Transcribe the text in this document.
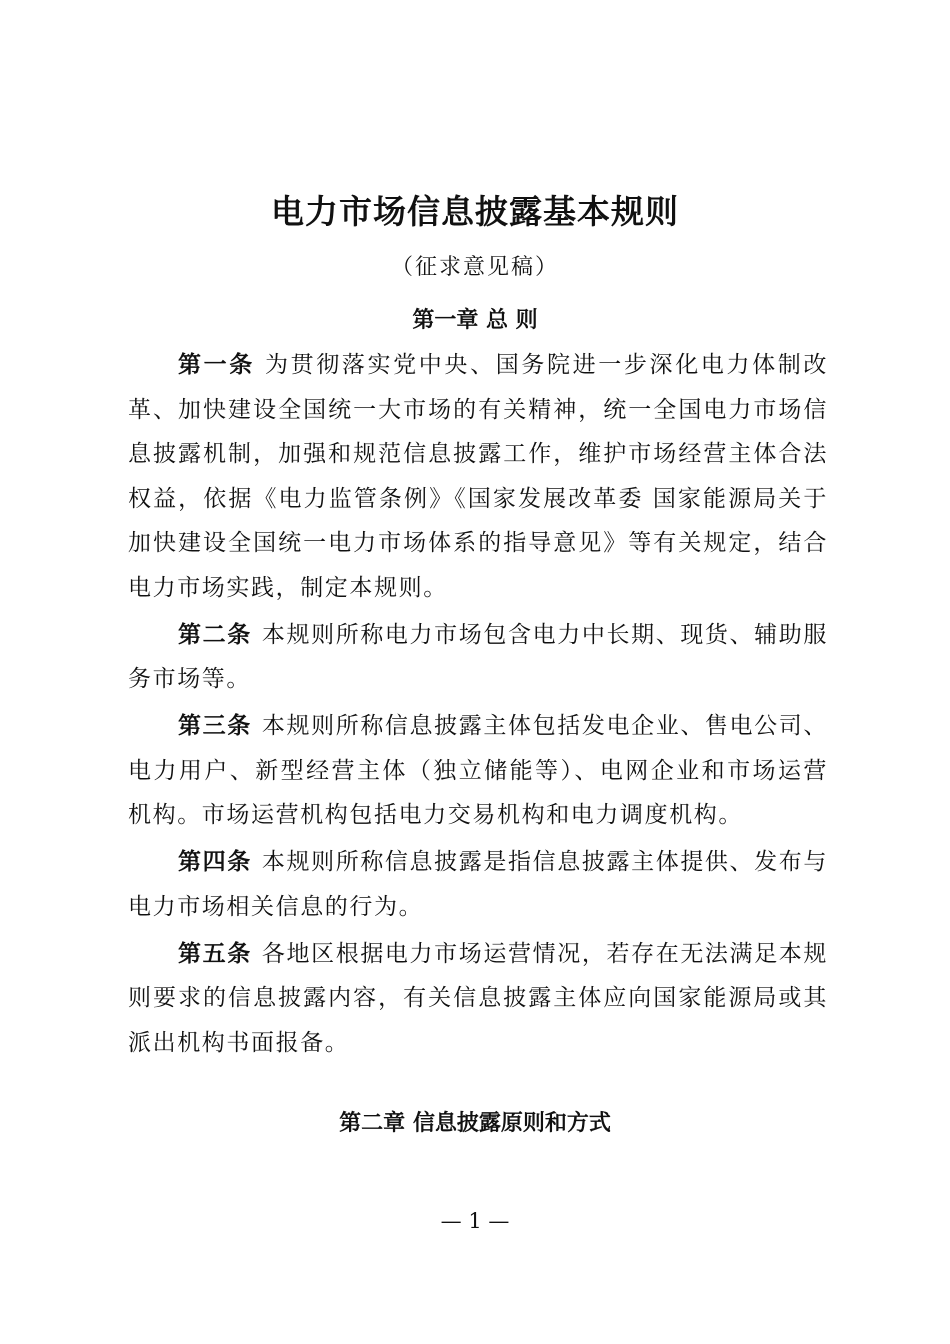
电力市场信息披露基本规则
（征求意见稿）
第一章 总 则

第一条 为贯彻落实党中央、国务院进一步深化电力体制改革、加快建设全国统一大市场的有关精神，统一全国电力市场信息披露机制，加强和规范信息披露工作，维护市场经营主体合法权益，依据《电力监管条例》《国家发展改革委 国家能源局关于加快建设全国统一电力市场体系的指导意见》等有关规定，结合电力市场实践，制定本规则。

第二条 本规则所称电力市场包含电力中长期、现货、辅助服务市场等。

第三条 本规则所称信息披露主体包括发电企业、售电公司、电力用户、新型经营主体（独立储能等）、电网企业和市场运营机构。市场运营机构包括电力交易机构和电力调度机构。

第四条 本规则所称信息披露是指信息披露主体提供、发布与电力市场相关信息的行为。

第五条 各地区根据电力市场运营情况，若存在无法满足本规则要求的信息披露内容，有关信息披露主体应向国家能源局或其派出机构书面报备。

第二章 信息披露原则和方式
— 1 —
